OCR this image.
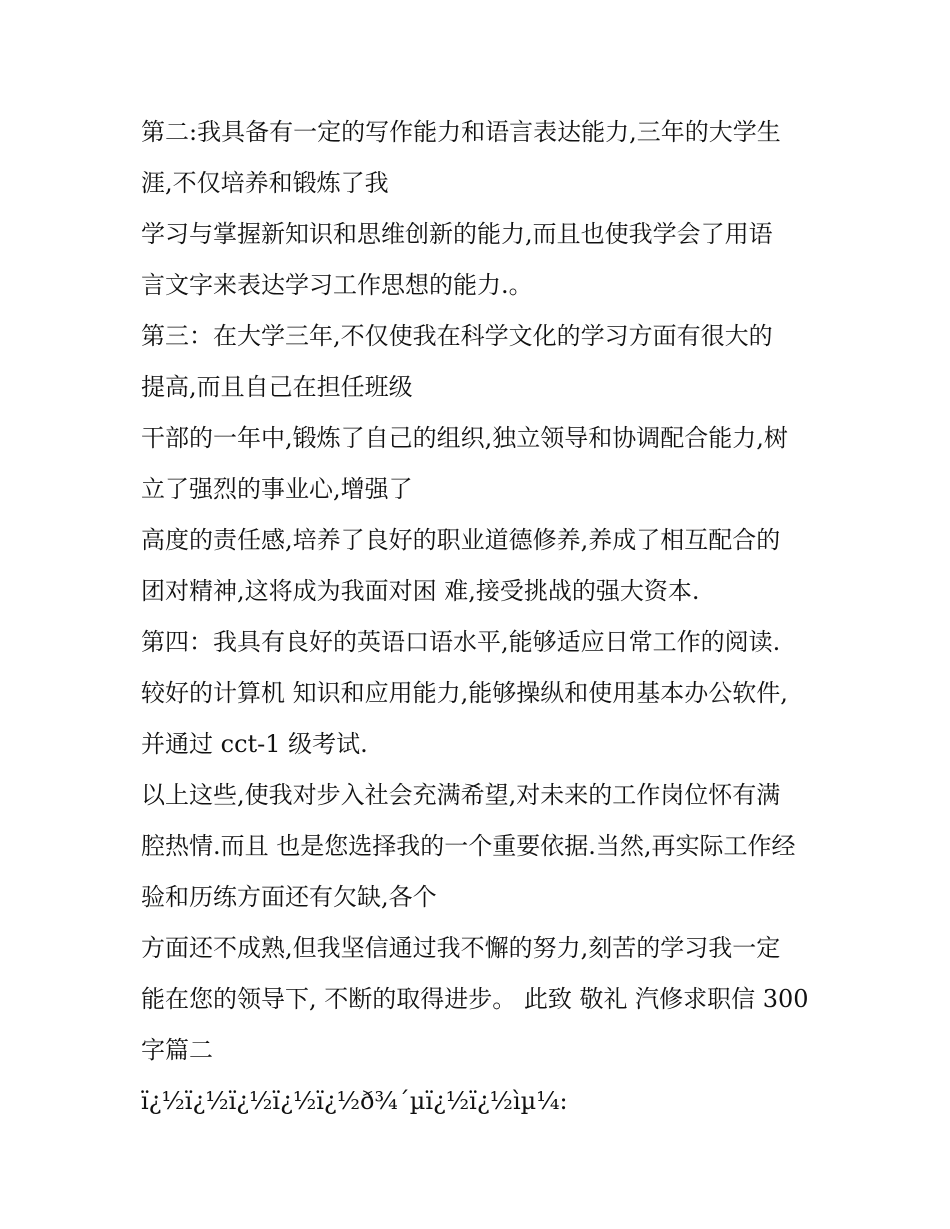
第二:我具备有一定的写作能力和语言表达能力,三年的大学生

涯,不仅培养和锻炼了我

学习与掌握新知识和思维创新的能力,而且也使我学会了用语

言文字来表达学习工作思想的能力.。

第三：在大学三年,不仅使我在科学文化的学习方面有很大的

提高,而且自己在担任班级

干部的一年中,锻炼了自己的组织,独立领导和协调配合能力,树

立了强烈的事业心,增强了

高度的责任感,培养了良好的职业道德修养,养成了相互配合的

团对精神,这将成为我面对困 难,接受挑战的强大资本.

第四：我具有良好的英语口语水平,能够适应日常工作的阅读.

较好的计算机 知识和应用能力,能够操纵和使用基本办公软件,

并通过 cct-1 级考试.

以上这些,使我对步入社会充满希望,对未来的工作岗位怀有满

腔热情.而且 也是您选择我的一个重要依据.当然,再实际工作经

验和历练方面还有欠缺,各个

方面还不成熟,但我坚信通过我不懈的努力,刻苦的学习我一定

能在您的领导下, 不断的取得进步。 此致 敬礼 汽修求职信 300

字篇二

ï¿½ï¿½ï¿½ï¿½ï¿½ð¾´µï¿½ï¿½ìµ¼:
